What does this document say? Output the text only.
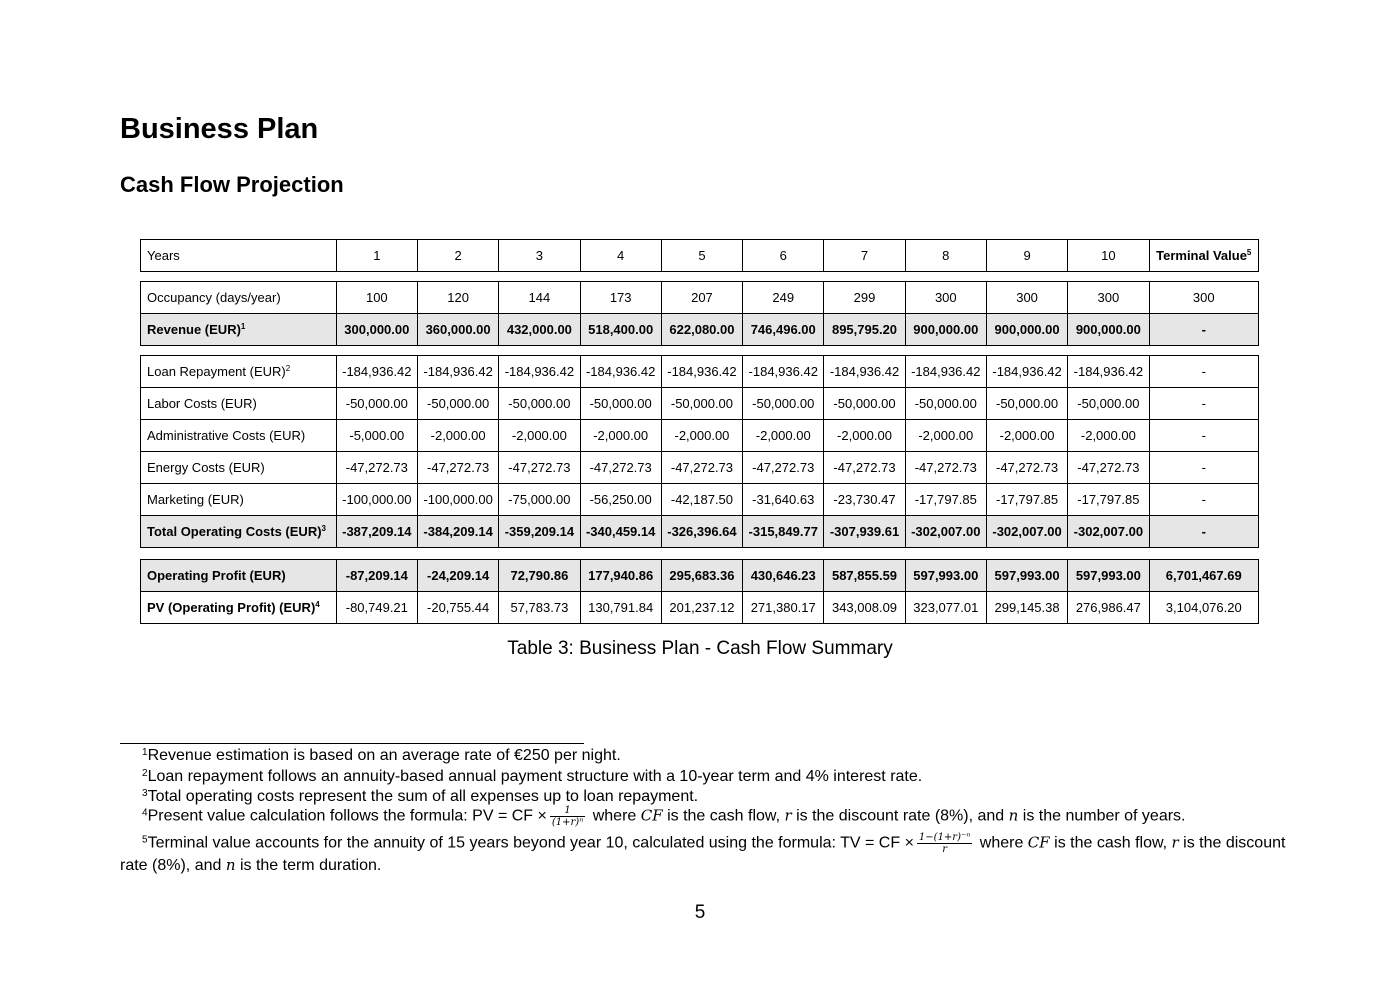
Business Plan
Cash Flow Projection
Years	1	2	3	4	5	6	7	8	9	10	Terminal Value$^5$
Occupancy (days/year)	100	120	144	173	207	249	299	300	300	300	300
Revenue (EUR)$^1$	300,000.00	360,000.00	432,000.00	518,400.00	622,080.00	746,496.00	895,795.20	900,000.00	900,000.00	900,000.00	-
Loan Repayment (EUR)$^2$	-184,936.42	-184,936.42	-184,936.42	-184,936.42	-184,936.42	-184,936.42	-184,936.42	-184,936.42	-184,936.42	-184,936.42	-
Labor Costs (EUR)	-50,000.00	-50,000.00	-50,000.00	-50,000.00	-50,000.00	-50,000.00	-50,000.00	-50,000.00	-50,000.00	-50,000.00	-
Administrative Costs (EUR)	-5,000.00	-2,000.00	-2,000.00	-2,000.00	-2,000.00	-2,000.00	-2,000.00	-2,000.00	-2,000.00	-2,000.00	-
Energy Costs (EUR)	-47,272.73	-47,272.73	-47,272.73	-47,272.73	-47,272.73	-47,272.73	-47,272.73	-47,272.73	-47,272.73	-47,272.73	-
Marketing (EUR)	-100,000.00	-100,000.00	-75,000.00	-56,250.00	-42,187.50	-31,640.63	-23,730.47	-17,797.85	-17,797.85	-17,797.85	-
Total Operating Costs (EUR)$^3$	-387,209.14	-384,209.14	-359,209.14	-340,459.14	-326,396.64	-315,849.77	-307,939.61	-302,007.00	-302,007.00	-302,007.00	-
Operating Profit (EUR)	-87,209.14	-24,209.14	72,790.86	177,940.86	295,683.36	430,646.23	587,855.59	597,993.00	597,993.00	597,993.00	6,701,467.69
PV (Operating Profit) (EUR)$^4$	-80,749.21	-20,755.44	57,783.73	130,791.84	201,237.12	271,380.17	343,008.09	323,077.01	299,145.38	276,986.47	3,104,076.20
Table 3: Business Plan - Cash Flow Summary
$^1$Revenue estimation is based on an average rate of €250 per night.
$^2$Loan repayment follows an annuity-based annual payment structure with a 10-year term and 4% interest rate.
$^3$Total operating costs represent the sum of all expenses up to loan repayment.
$^4$Present value calculation follows the formula: PV = CF × $\frac{1}{\text{(1+r)ⁿ}}$ where CF is the cash flow, r is the discount rate (8%), and n is the number of years.
$^5$Terminal value accounts for the annuity of 15 years beyond year 10, calculated using the formula: TV = CF × $\frac{\text{1−(1+r)⁻ⁿ}}{r}$ where CF is the cash flow, r is the discount rate (8%), and n is the term duration.
5
